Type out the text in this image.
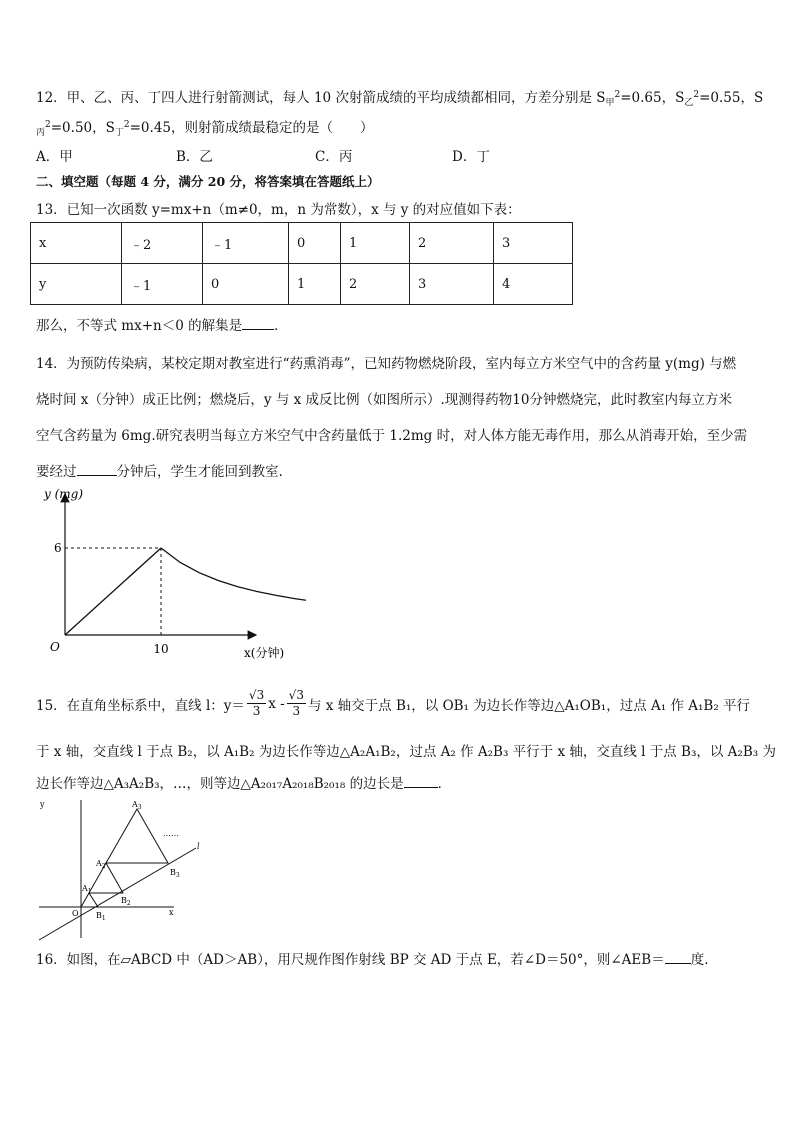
12．甲、乙、丙、丁四人进行射箭测试，每人 10 次射箭成绩的平均成绩都相同，方差分别是 $S_甲^2=0.65$，$S_乙^2=0.55$，S
$_丙^2$=0.50，$S_丁^2=0.45$，则射箭成绩最稳定的是（　　）
A．甲	B．乙	C．丙	D．丁
二、填空题（每题 4 分，满分 20 分，将答案填在答题纸上）
13．已知一次函数 y=mx+n（m≠0，m，n 为常数），x 与 y 的对应值如下表：
x	﹣2	﹣1	0	1	2	3
y	﹣1	0	1	2	3	4
那么，不等式 mx+n＜0 的解集是 ．
14．为预防传染病，某校定期对教室进行“药熏消毒”，已知药物燃烧阶段，室内每立方米空气中的含药量 y(mg) 与燃
烧时间 x（分钟）成正比例；燃烧后，y 与 x 成反比例（如图所示）.现测得药物10分钟燃烧完，此时教室内每立方米
空气含药量为 6mg.研究表明当每立方米空气中含药量低于 1.2mg 时，对人体方能无毒作用，那么从消毒开始，至少需
要经过	分钟后，学生才能回到教室.
y (mg)
O	10
6
x(分钟)
15．在直角坐标系中，直线 l：$y= \frac{√3}{3}$ x - $\frac{√3}{3}$ 与 x 轴交于点 B₁，以 OB₁ 为边长作等边△A₁OB₁，过点 A₁ 作 A₁B₂ 平行
于 x 轴，交直线 l 于点 B₂，以 A₁B₂ 为边长作等边△A₂A₁B₂，过点 A₂ 作 A₂B₃ 平行于 x 轴，交直线 l 于点 B₃，以 A₂B₃ 为
边长作等边△A₃A₂B₃，…，则等边△A₂₀₁₇A₂₀₁₈B₂₀₁₈ 的边长是	．
y
x
O
l
……
$A_1$
$A_2$
$A_3$
$B_1$
$B_2$
$B_3$
16．如图，在▱ABCD 中（AD＞AB），用尺规作图作射线 BP 交 AD 于点 E，若∠D＝50°，则∠AEB＝ 度.
